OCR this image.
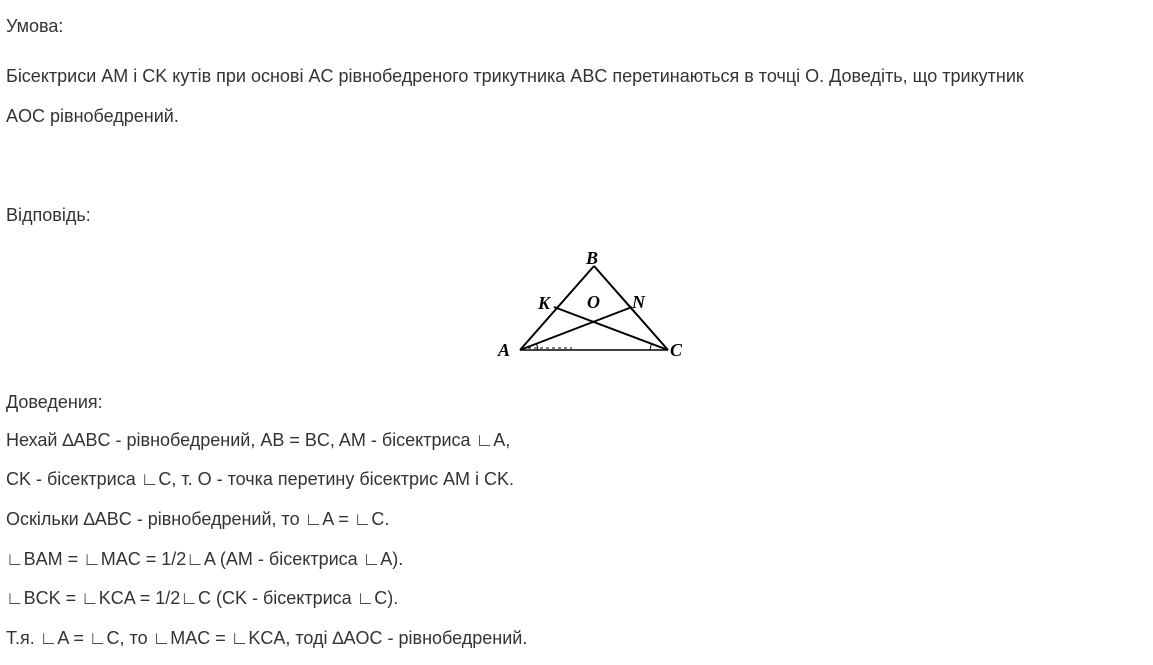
Умова:
Бісектриси AM і CK кутів при основі AC рівнобедреного трикутника ABC перетинаються в точці O. Доведіть, що трикутник
AOC рівнобедрений.
Відповідь:
B
K O N
A	C
Доведения:
Нехай ∆ABC - рівнобедрений, AB = BC, AM - бісектриса ∟A,
CK - бісектриса ∟C, т. O - точка перетину бісектрис AM і CK.
Оскільки ∆ABC - рівнобедрений, то ∟A = ∟C.
∟BAM = ∟MAC = 1/2∟A (AM - бісектриса ∟A).
∟BCK = ∟KCA = 1/2∟C (CK - бісектриса ∟C).
Т.я. ∟A = ∟C, то ∟MAC = ∟KCA, тоді ∆AOC - рівнобедрений.
